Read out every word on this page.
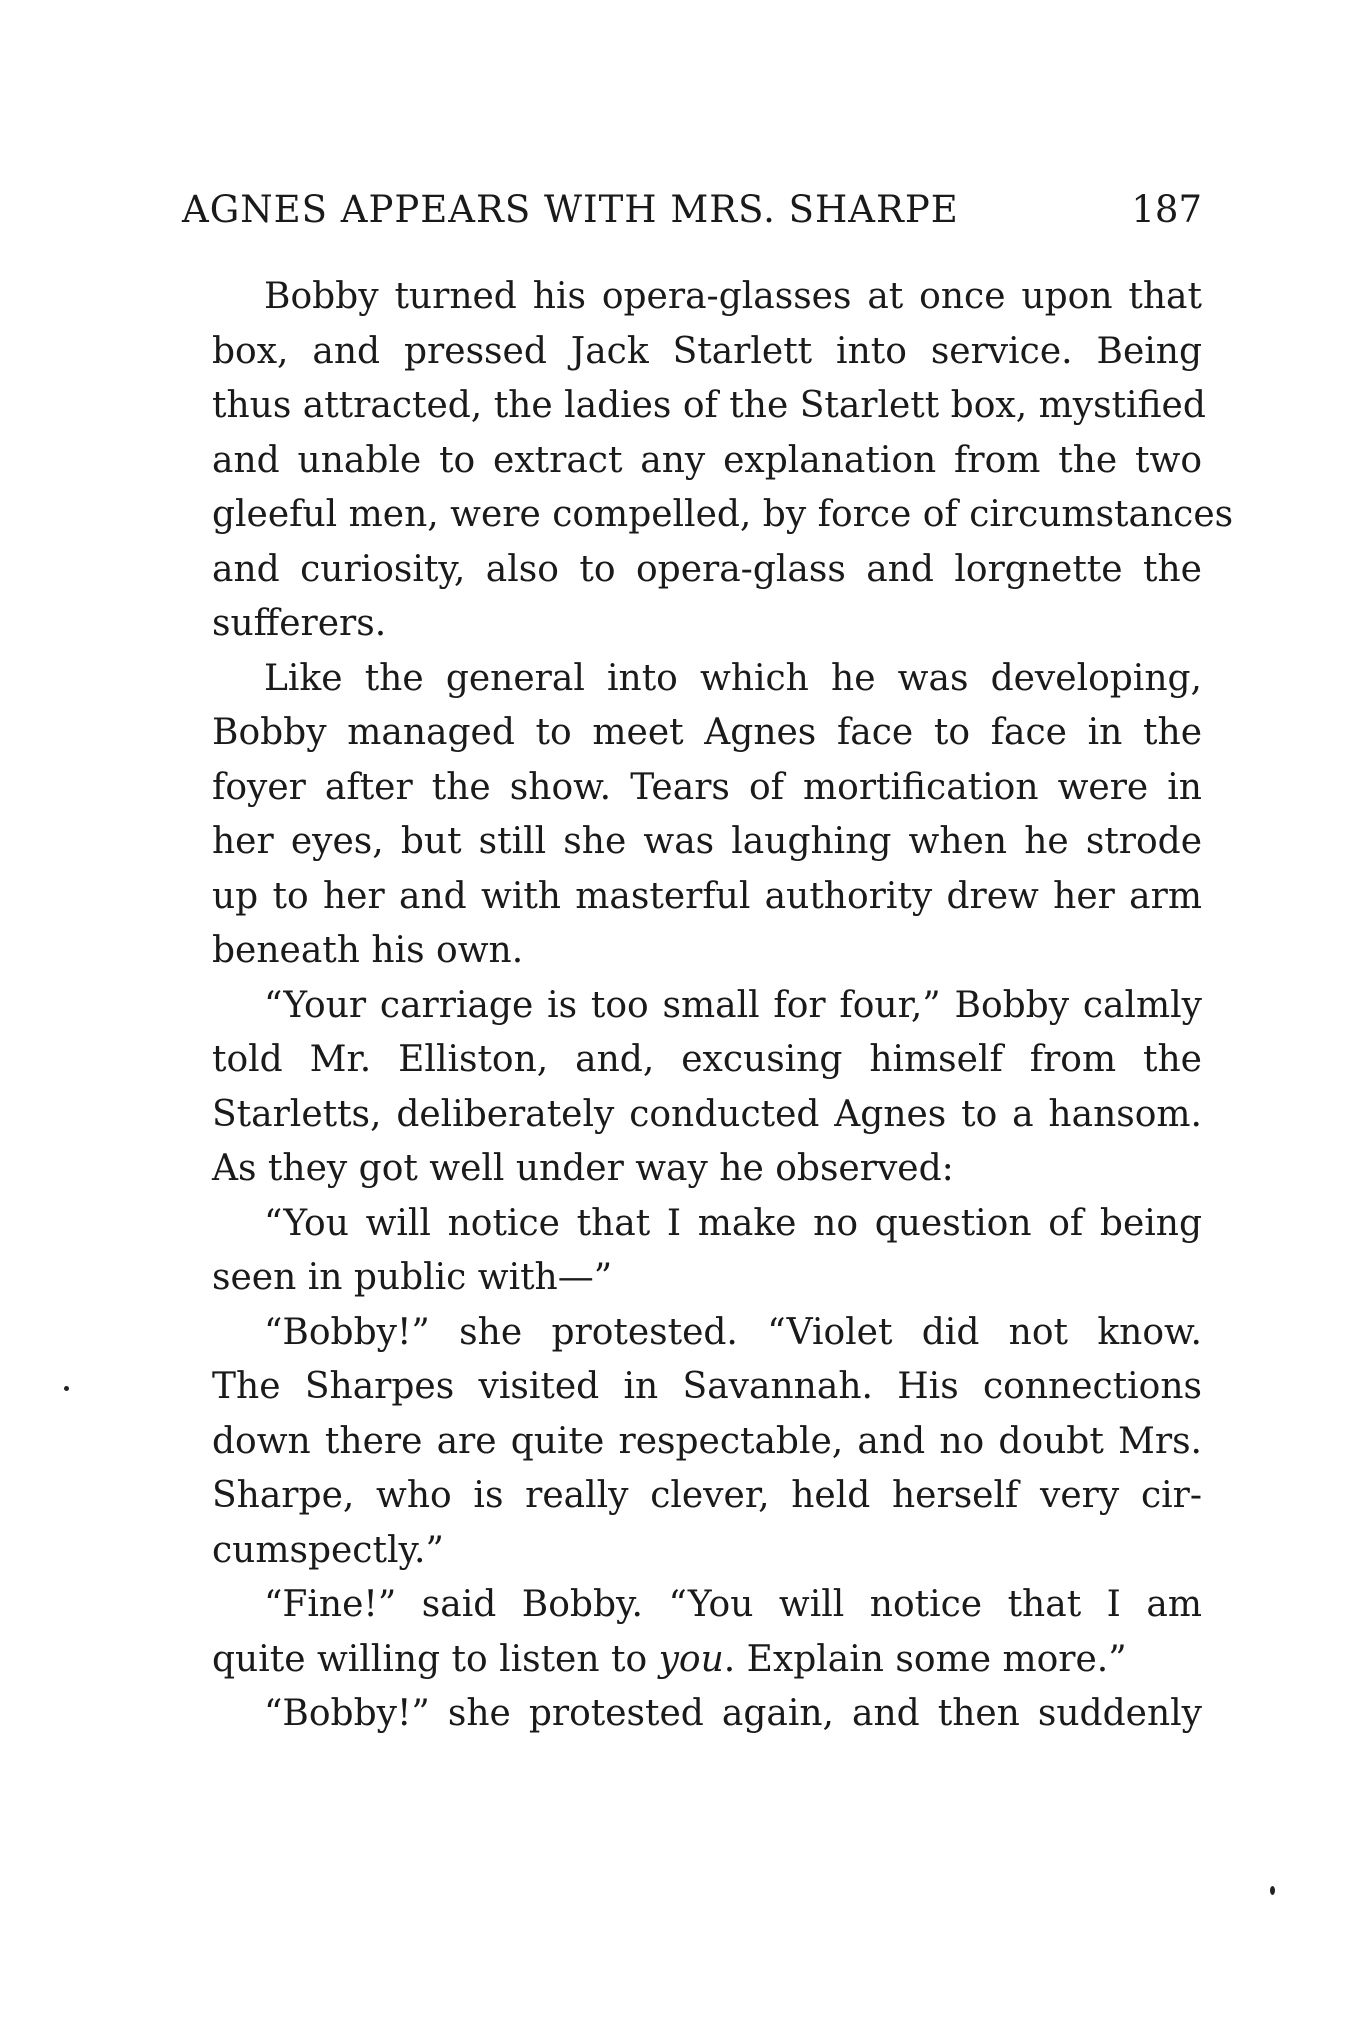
AGNES APPEARS WITH MRS. SHARPE	187
Bobby turned his opera-glasses at once upon that
box, and pressed Jack Starlett into service. Being
thus attracted, the ladies of the Starlett box, mystified
and unable to extract any explanation from the two
gleeful men, were compelled, by force of circumstances
and curiosity, also to opera-glass and lorgnette the
sufferers.
Like the general into which he was developing,
Bobby managed to meet Agnes face to face in the
foyer after the show. Tears of mortification were in
her eyes, but still she was laughing when he strode
up to her and with masterful authority drew her arm
beneath his own.
“Your carriage is too small for four,” Bobby calmly
told Mr. Elliston, and, excusing himself from the
Starletts, deliberately conducted Agnes to a hansom.
As they got well under way he observed:
“You will notice that I make no question of being
seen in public with—”
“Bobby!” she protested. “Violet did not know.
The Sharpes visited in Savannah. His connections
down there are quite respectable, and no doubt Mrs.
Sharpe, who is really clever, held herself very cir-
cumspectly.”
“Fine!” said Bobby. “You will notice that I am
quite willing to listen to you. Explain some more.”
“Bobby!” she protested again, and then suddenly
